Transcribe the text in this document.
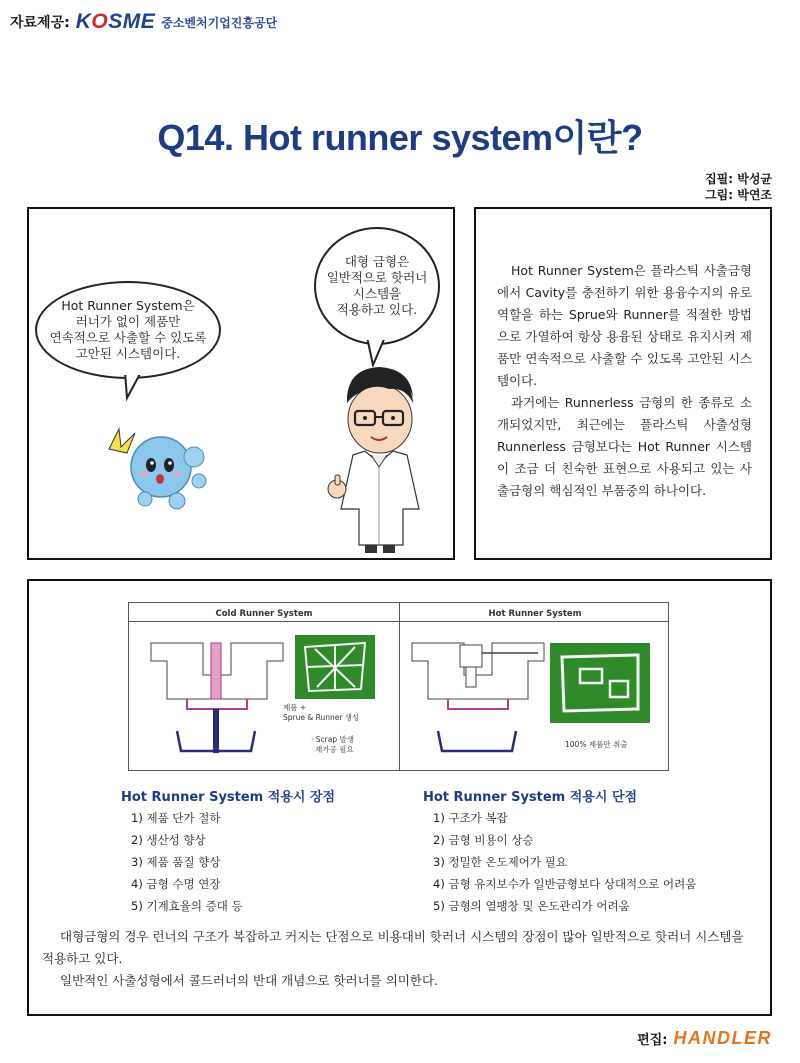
자료제공: KOSME 중소벤처기업진흥공단
Q14. Hot runner system이란?
집필: 박성균
그림: 박연조
대형 금형은
일반적으로 핫러너
시스템을
적용하고 있다.
Hot Runner System은
러너가 없이 제품만
연속적으로 사출할 수 있도록
고안된 시스템이다.

Hot Runner System은 플라스틱 사출금형에서 Cavity를 충전하기 위한 용융수지의 유로 역할을 하는 Sprue와 Runner를 적절한 방법으로 가열하여 항상 용융된 상태로 유지시켜 제품만 연속적으로 사출할 수 있도록 고안된 시스템이다.

과거에는 Runnerless 금형의 한 종류로 소개되었지만, 최근에는 플라스틱 사출성형 Runnerless 금형보다는 Hot Runner 시스템이 조금 더 친숙한 표현으로 사용되고 있는 사출금형의 핵심적인 부품중의 하나이다.

Cold Runner System
제품 +
Sprue & Runner 생성
· Scrap 발생
재가공 필요
Hot Runner System
100% 제품만 취출
Hot Runner System 적용시 장점
1) 제품 단가 절하
2) 생산성 향상
3) 제품 품질 향상
4) 금형 수명 연장
5) 기계효율의 증대 등
Hot Runner System 적용시 단점
1) 구조가 복잡
2) 금형 비용이 상승
3) 정밀한 온도제어가 필요
4) 금형 유지보수가 일반금형보다 상대적으로 어려움
5) 금형의 열팽창 및 온도관리가 어려움

대형금형의 경우 런너의 구조가 복잡하고 커지는 단점으로 비용대비 핫러너 시스템의 장점이 많아 일반적으로 핫러너 시스템을 적용하고 있다.

일반적인 사출성형에서 콜드러너의 반대 개념으로 핫러너를 의미한다.

편집: HANDLER
